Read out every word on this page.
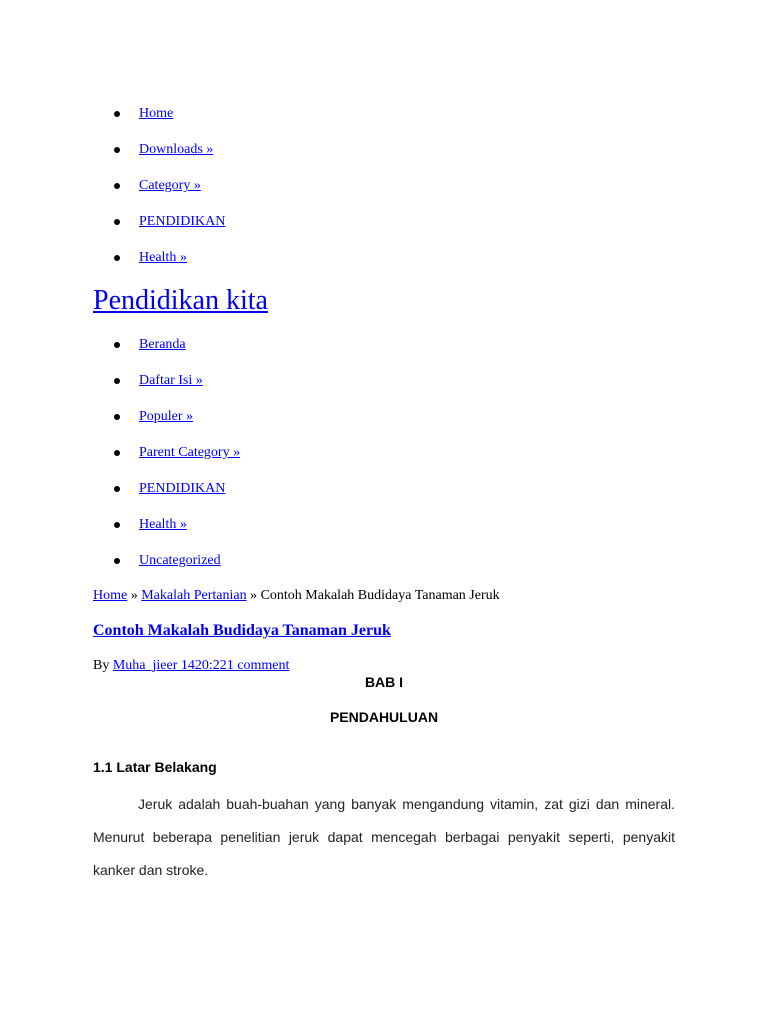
Home
Downloads »
Category »
PENDIDIKAN
Health »
Pendidikan kita
Beranda
Daftar Isi »
Populer »
Parent Category »
PENDIDIKAN
Health »
Uncategorized
Home » Makalah Pertanian » Contoh Makalah Budidaya Tanaman Jeruk
Contoh Makalah Budidaya Tanaman Jeruk
By Muha_jieer 1420:221 comment
BAB I
PENDAHULUAN
1.1 Latar Belakang
Jeruk adalah buah-buahan yang banyak mengandung vitamin, zat gizi dan mineral. Menurut beberapa penelitian jeruk dapat mencegah berbagai penyakit seperti, penyakit kanker dan stroke.
